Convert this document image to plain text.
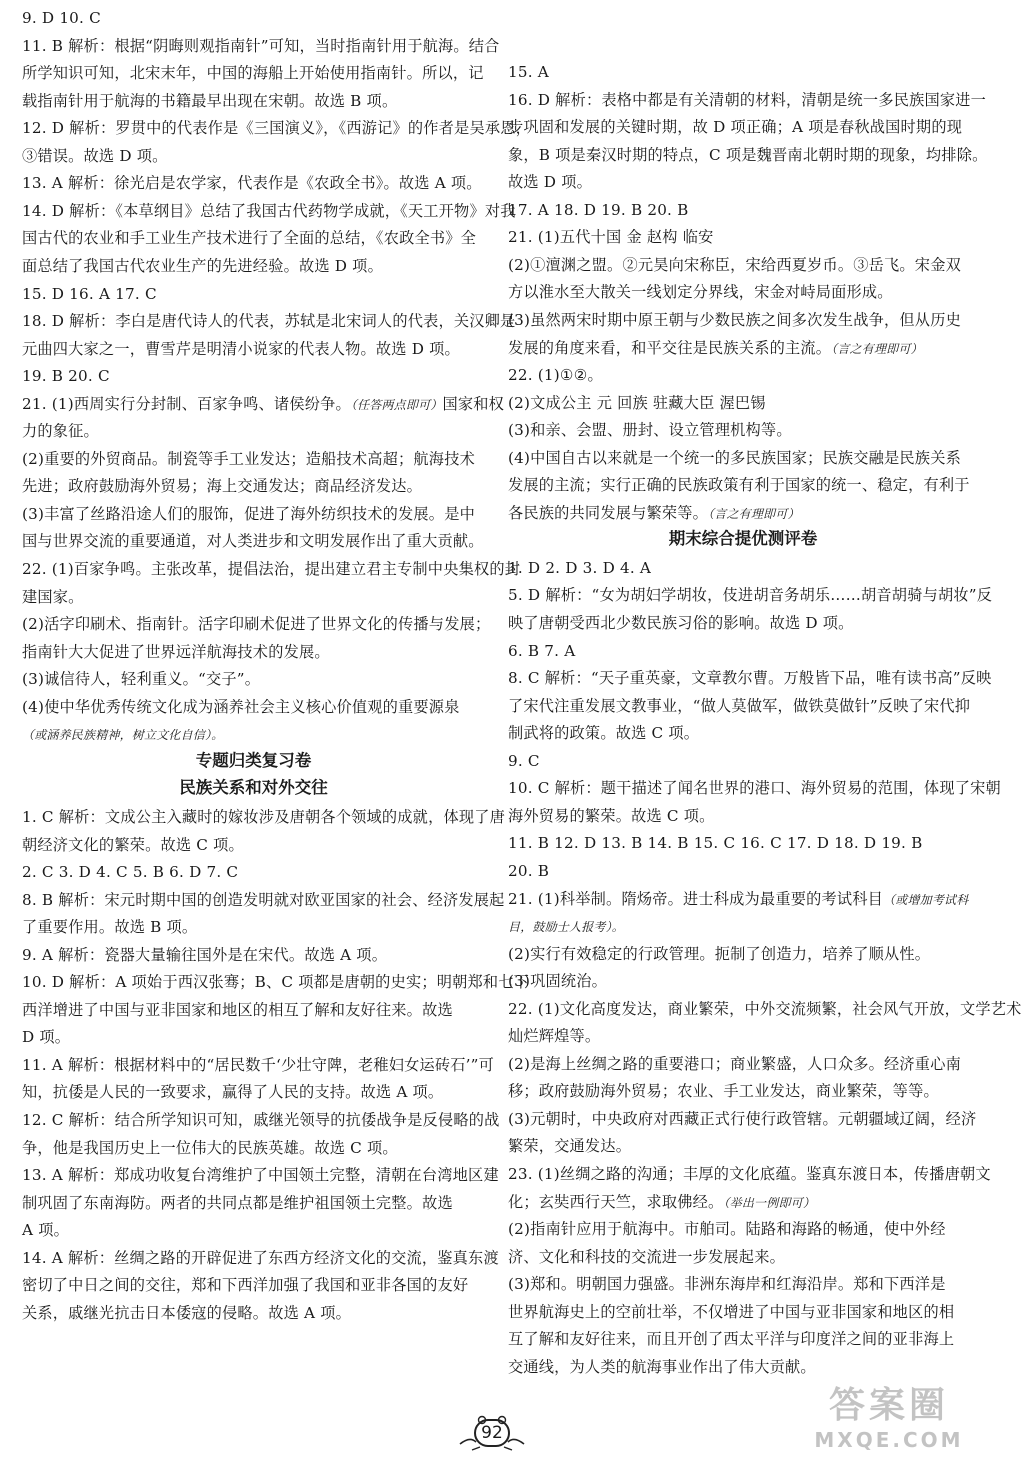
9. D 10. C
11. B 解析：根据“阴晦则观指南针”可知，当时指南针用于航海。结合
所学知识可知，北宋末年，中国的海船上开始使用指南针。所以，记
载指南针用于航海的书籍最早出现在宋朝。故选 B 项。
12. D 解析：罗贯中的代表作是《三国演义》，《西游记》的作者是吴承恩，
③错误。故选 D 项。
13. A 解析：徐光启是农学家，代表作是《农政全书》。故选 A 项。
14. D 解析：《本草纲目》总结了我国古代药物学成就，《天工开物》对我
国古代的农业和手工业生产技术进行了全面的总结，《农政全书》全
面总结了我国古代农业生产的先进经验。故选 D 项。
15. D 16. A 17. C
18. D 解析：李白是唐代诗人的代表，苏轼是北宋词人的代表，关汉卿是
元曲四大家之一，曹雪芹是明清小说家的代表人物。故选 D 项。
19. B 20. C
21. (1)西周实行分封制、百家争鸣、诸侯纷争。（任答两点即可）国家和权
力的象征。
(2)重要的外贸商品。制瓷等手工业发达；造船技术高超；航海技术
先进；政府鼓励海外贸易；海上交通发达；商品经济发达。
(3)丰富了丝路沿途人们的服饰，促进了海外纺织技术的发展。是中
国与世界交流的重要通道，对人类进步和文明发展作出了重大贡献。
22. (1)百家争鸣。主张改革，提倡法治，提出建立君主专制中央集权的封
建国家。
(2)活字印刷术、指南针。活字印刷术促进了世界文化的传播与发展；
指南针大大促进了世界远洋航海技术的发展。
(3)诚信待人，轻利重义。“交子”。
(4)使中华优秀传统文化成为涵养社会主义核心价值观的重要源泉
（或涵养民族精神，树立文化自信）。
专题归类复习卷
民族关系和对外交往
1. C 解析：文成公主入藏时的嫁妆涉及唐朝各个领域的成就，体现了唐
朝经济文化的繁荣。故选 C 项。
2. C 3. D 4. C 5. B 6. D 7. C
8. B 解析：宋元时期中国的创造发明就对欧亚国家的社会、经济发展起
了重要作用。故选 B 项。
9. A 解析：瓷器大量输往国外是在宋代。故选 A 项。
10. D 解析：A 项始于西汉张骞；B、C 项都是唐朝的史实；明朝郑和七下
西洋增进了中国与亚非国家和地区的相互了解和友好往来。故选
D 项。
11. A 解析：根据材料中的“居民数千‘少壮守陴，老稚妇女运砖石’”可
知，抗倭是人民的一致要求，赢得了人民的支持。故选 A 项。
12. C 解析：结合所学知识可知，戚继光领导的抗倭战争是反侵略的战
争，他是我国历史上一位伟大的民族英雄。故选 C 项。
13. A 解析：郑成功收复台湾维护了中国领土完整，清朝在台湾地区建
制巩固了东南海防。两者的共同点都是维护祖国领土完整。故选
A 项。
14. A 解析：丝绸之路的开辟促进了东西方经济文化的交流，鉴真东渡
密切了中日之间的交往，郑和下西洋加强了我国和亚非各国的友好
关系，戚继光抗击日本倭寇的侵略。故选 A 项。
15. A
16. D 解析：表格中都是有关清朝的材料，清朝是统一多民族国家进一
步巩固和发展的关键时期，故 D 项正确；A 项是春秋战国时期的现
象，B 项是秦汉时期的特点，C 项是魏晋南北朝时期的现象，均排除。
故选 D 项。
17. A 18. D 19. B 20. B
21. (1)五代十国 金 赵构 临安
(2)①澶渊之盟。②元昊向宋称臣，宋给西夏岁币。③岳飞。宋金双
方以淮水至大散关一线划定分界线，宋金对峙局面形成。
(3)虽然两宋时期中原王朝与少数民族之间多次发生战争，但从历史
发展的角度来看，和平交往是民族关系的主流。（言之有理即可）
22. (1)①②。
(2)文成公主 元 回族 驻藏大臣 渥巴锡
(3)和亲、会盟、册封、设立管理机构等。
(4)中国自古以来就是一个统一的多民族国家；民族交融是民族关系
发展的主流；实行正确的民族政策有利于国家的统一、稳定，有利于
各民族的共同发展与繁荣等。（言之有理即可）
期末综合提优测评卷
1. D 2. D 3. D 4. A
5. D 解析：“女为胡妇学胡妆，伎进胡音务胡乐……胡音胡骑与胡妆”反
映了唐朝受西北少数民族习俗的影响。故选 D 项。
6. B 7. A
8. C 解析：“天子重英豪，文章教尔曹。万般皆下品，唯有读书高”反映
了宋代注重发展文教事业，“做人莫做军，做铁莫做针”反映了宋代抑
制武将的政策。故选 C 项。
9. C
10. C 解析：题干描述了闻名世界的港口、海外贸易的范围，体现了宋朝
海外贸易的繁荣。故选 C 项。
11. B 12. D 13. B 14. B 15. C 16. C 17. D 18. D 19. B
20. B
21. (1)科举制。隋炀帝。进士科成为最重要的考试科目（或增加考试科
目，鼓励士人报考）。
(2)实行有效稳定的行政管理。扼制了创造力，培养了顺从性。
(3)巩固统治。
22. (1)文化高度发达，商业繁荣，中外交流频繁，社会风气开放，文学艺术
灿烂辉煌等。
(2)是海上丝绸之路的重要港口；商业繁盛，人口众多。经济重心南
移；政府鼓励海外贸易；农业、手工业发达，商业繁荣，等等。
(3)元朝时，中央政府对西藏正式行使行政管辖。元朝疆域辽阔，经济
繁荣，交通发达。
23. (1)丝绸之路的沟通；丰厚的文化底蕴。鉴真东渡日本，传播唐朝文
化；玄奘西行天竺，求取佛经。（举出一例即可）
(2)指南针应用于航海中。市舶司。陆路和海路的畅通，使中外经
济、文化和科技的交流进一步发展起来。
(3)郑和。明朝国力强盛。非洲东海岸和红海沿岸。郑和下西洋是
世界航海史上的空前壮举，不仅增进了中国与亚非国家和地区的相
互了解和友好往来，而且开创了西太平洋与印度洋之间的亚非海上
交通线，为人类的航海事业作出了伟大贡献。
92
答案圈
MXQE.COM
